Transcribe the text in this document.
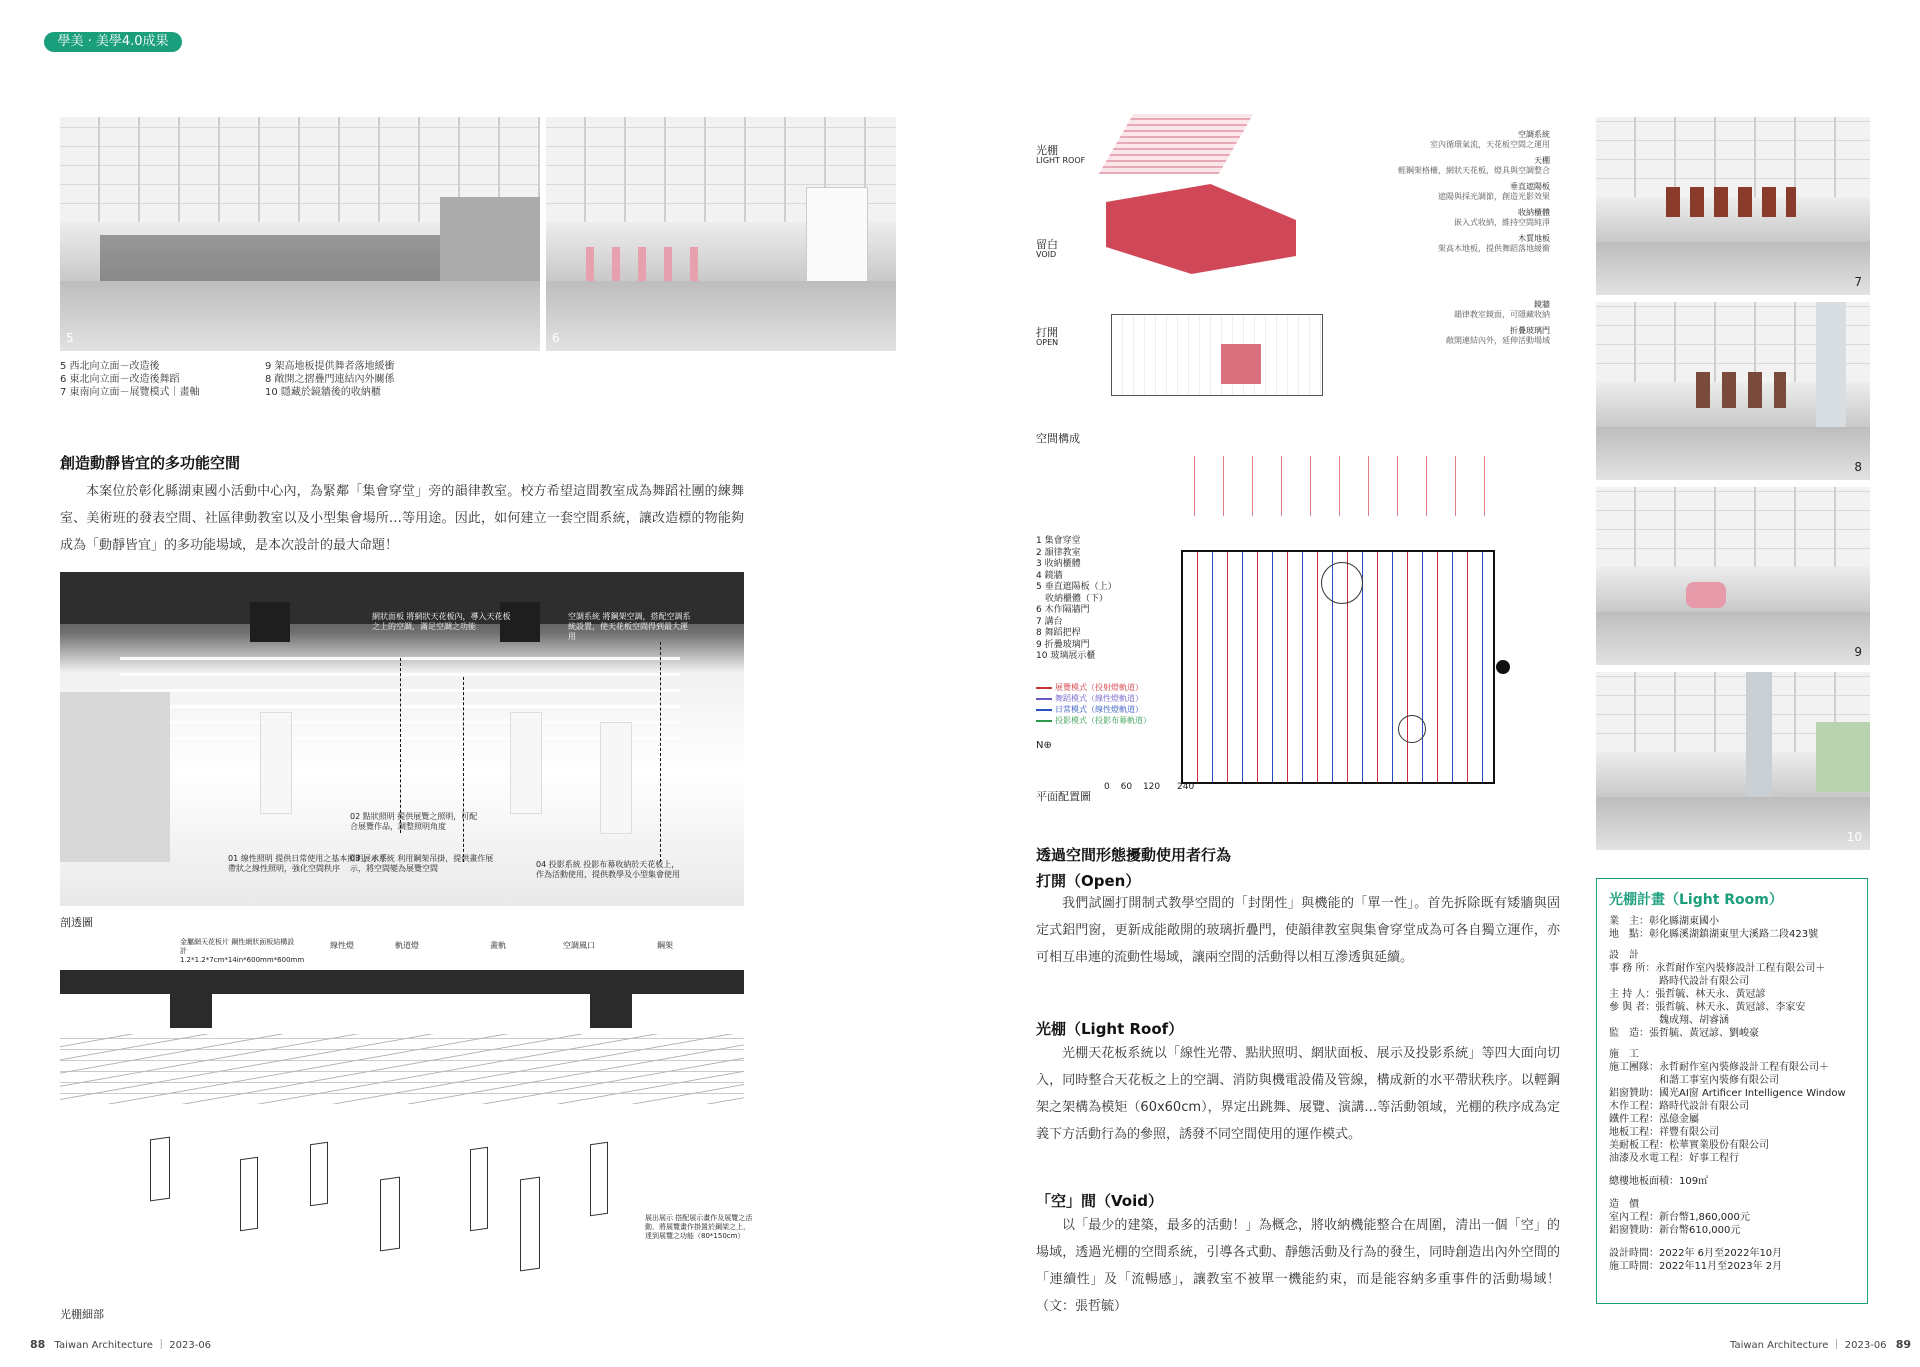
學美 · 美學4.0成果
5	6
5 西北向立面－改造後
6 東北向立面－改造後舞蹈
7 東南向立面－展覽模式｜畫軸
9 架高地板提供舞者落地緩衝
8 敞開之摺疊門連結內外關係
10 隱藏於鏡牆後的收納櫃
創造動靜皆宜的多功能空間
本案位於彰化縣湖東國小活動中心內，為緊鄰「集會穿堂」旁的韻律教室。校方希望這間教室成為舞蹈社團的練舞室、美術班的發表空間、社區律動教室以及小型集會場所…等用途。因此，如何建立一套空間系統，讓改造標的物能夠成為「動靜皆宜」的多功能場域，是本次設計的最大命題！
網狀面板 將網狀天花板內，導入天花板之上的空調，滿足空調之功能
空調系統 將鋼架空調，搭配空調系統設置，使天花板空間得到最大運用
01 線性照明 提供日常使用之基本照明，水平帶狀之線性照明，強化空間秩序
02 點狀照明 提供展覽之照明，可配合展覽作品，調整照明角度
03 展示系統 利用鋼架吊掛，提供畫作展示，將空間變為展覽空間	04 投影系統 投影布幕收納於天花板上，作為活動使用，提供教學及小型集會使用
剖透圖
金屬網天花板片 鋼性網狀面板結構設計 1.2*1.2*7cm*14in*600mm*600mm
線性燈	軌道燈	畫軌	空調風口	鋼架
展出展示 搭配展示畫作及展覽之活動，將展覽畫作掛置於鋼架之上，達到展覽之功能（80*150cm）
光棚細部
光棚
LIGHT ROOF
留白
VOID
打開
OPEN
空調系統
室內循環氣流，天花板空間之運用
天棚
輕鋼架格柵，網狀天花板，燈具與空調整合
垂直遮陽板
遮陽與採光調節，創造光影效果
收納櫃體
嵌入式收納，維持空間純淨
木質地板
架高木地板，提供舞蹈落地緩衝
鏡牆
韻律教室鏡面，可隱藏收納
折疊玻璃門
敞開連結內外，延伸活動場域
空間構成
1 集會穿堂
2 韻律教室
3 收納櫃體
4 鏡牆
5 垂直遮陽板（上）
　收納櫃體（下）
6 木作隔牆門
7 講台
8 舞蹈把桿
9 折疊玻璃門
10 玻璃展示櫃
展覽模式（投射燈軌道）
舞蹈模式（線性燈軌道）
日常模式（線性燈軌道）
投影模式（投影布幕軌道）
N⊕
平面配置圖
0 60 120 240
透過空間形態擾動使用者行為
打開（Open）
我們試圖打開制式教學空間的「封閉性」與機能的「單一性」。首先拆除既有矮牆與固定式鋁門窗，更新成能敞開的玻璃折疊門，使韻律教室與集會穿堂成為可各自獨立運作，亦可相互串連的流動性場域，讓兩空間的活動得以相互滲透與延續。
光棚（Light Roof）
光棚天花板系統以「線性光帶、點狀照明、網狀面板、展示及投影系統」等四大面向切入，同時整合天花板之上的空調、消防與機電設備及管線，構成新的水平帶狀秩序。以輕鋼架之架構為模矩（60x60cm），界定出跳舞、展覽、演講…等活動領域，光棚的秩序成為定義下方活動行為的參照，誘發不同空間使用的運作模式。
「空」間（Void）
以「最少的建築，最多的活動！」為概念，將收納機能整合在周圍，清出一個「空」的場域，透過光棚的空間系統，引導各式動、靜態活動及行為的發生，同時創造出內外空間的「連續性」及「流暢感」，讓教室不被單一機能約束，而是能容納多重事件的活動場域！（文：張哲毓）
7
8
9
10
光棚計畫（Light Room）
業　主：彰化縣湖東國小
地　點：彰化縣溪湖鎮湖東里大溪路二段423號
設　計
事 務 所：永哲耐作室內裝修設計工程有限公司＋
　　　　　路時代設計有限公司
主 持 人：張哲毓、林天永、黃冠諺
參 與 者：張哲毓、林天永、黃冠諺、李家安
　　　　　魏成翔、胡睿涵
監　造：張哲毓、黃冠諺、劉峻豪
施　工
施工團隊：永哲耐作室內裝修設計工程有限公司＋
　　　　　和諧工事室內裝修有限公司
鋁窗贊助：國光AI窗 Artificer Intelligence Window
木作工程：路時代設計有限公司
鐵件工程：泓億金屬
地板工程：祥豐有限公司
美耐板工程：松華實業股份有限公司
油漆及水電工程：好事工程行
總樓地板面積：109㎡
造　價
室內工程：新台幣1,860,000元
鋁窗贊助：新台幣610,000元
設計時間：2022年 6月至2022年10月
施工時間：2022年11月至2023年 2月
88 Taiwan Architecture ｜ 2023-06	Taiwan Architecture ｜ 2023-06 89
